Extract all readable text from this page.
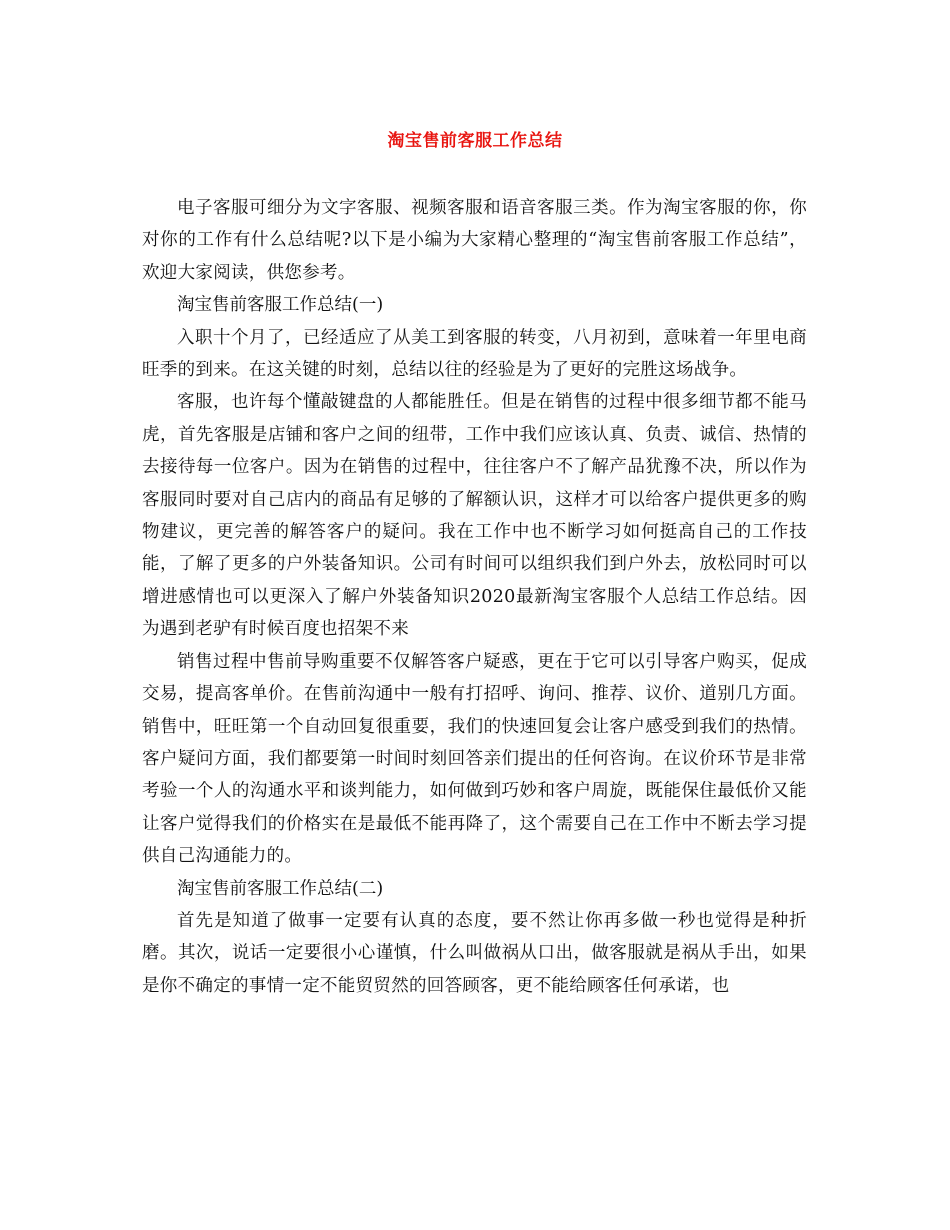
淘宝售前客服工作总结

电子客服可细分为文字客服、视频客服和语音客服三类。作为淘宝客服的你，你对你的工作有什么总结呢?以下是小编为大家精心整理的“淘宝售前客服工作总结”，欢迎大家阅读，供您参考。

淘宝售前客服工作总结(一)

入职十个月了，已经适应了从美工到客服的转变，八月初到，意味着一年里电商旺季的到来。在这关键的时刻，总结以往的经验是为了更好的完胜这场战争。

客服，也许每个懂敲键盘的人都能胜任。但是在销售的过程中很多细节都不能马虎，首先客服是店铺和客户之间的纽带，工作中我们应该认真、负责、诚信、热情的去接待每一位客户。因为在销售的过程中，往往客户不了解产品犹豫不决，所以作为客服同时要对自己店内的商品有足够的了解额认识，这样才可以给客户提供更多的购物建议，更完善的解答客户的疑问。我在工作中也不断学习如何挺高自己的工作技能，了解了更多的户外装备知识。公司有时间可以组织我们到户外去，放松同时可以增进感情也可以更深入了解户外装备知识2020最新淘宝客服个人总结工作总结。因为遇到老驴有时候百度也招架不来

销售过程中售前导购重要不仅解答客户疑惑，更在于它可以引导客户购买，促成交易，提高客单价。在售前沟通中一般有打招呼、询问、推荐、议价、道别几方面。销售中，旺旺第一个自动回复很重要，我们的快速回复会让客户感受到我们的热情。客户疑问方面，我们都要第一时间时刻回答亲们提出的任何咨询。在议价环节是非常考验一个人的沟通水平和谈判能力，如何做到巧妙和客户周旋，既能保住最低价又能让客户觉得我们的价格实在是最低不能再降了，这个需要自己在工作中不断去学习提供自己沟通能力的。

淘宝售前客服工作总结(二)

首先是知道了做事一定要有认真的态度，要不然让你再多做一秒也觉得是种折磨。其次，说话一定要很小心谨慎，什么叫做祸从口出，做客服就是祸从手出，如果是你不确定的事情一定不能贸贸然的回答顾客，更不能给顾客任何承诺，也
